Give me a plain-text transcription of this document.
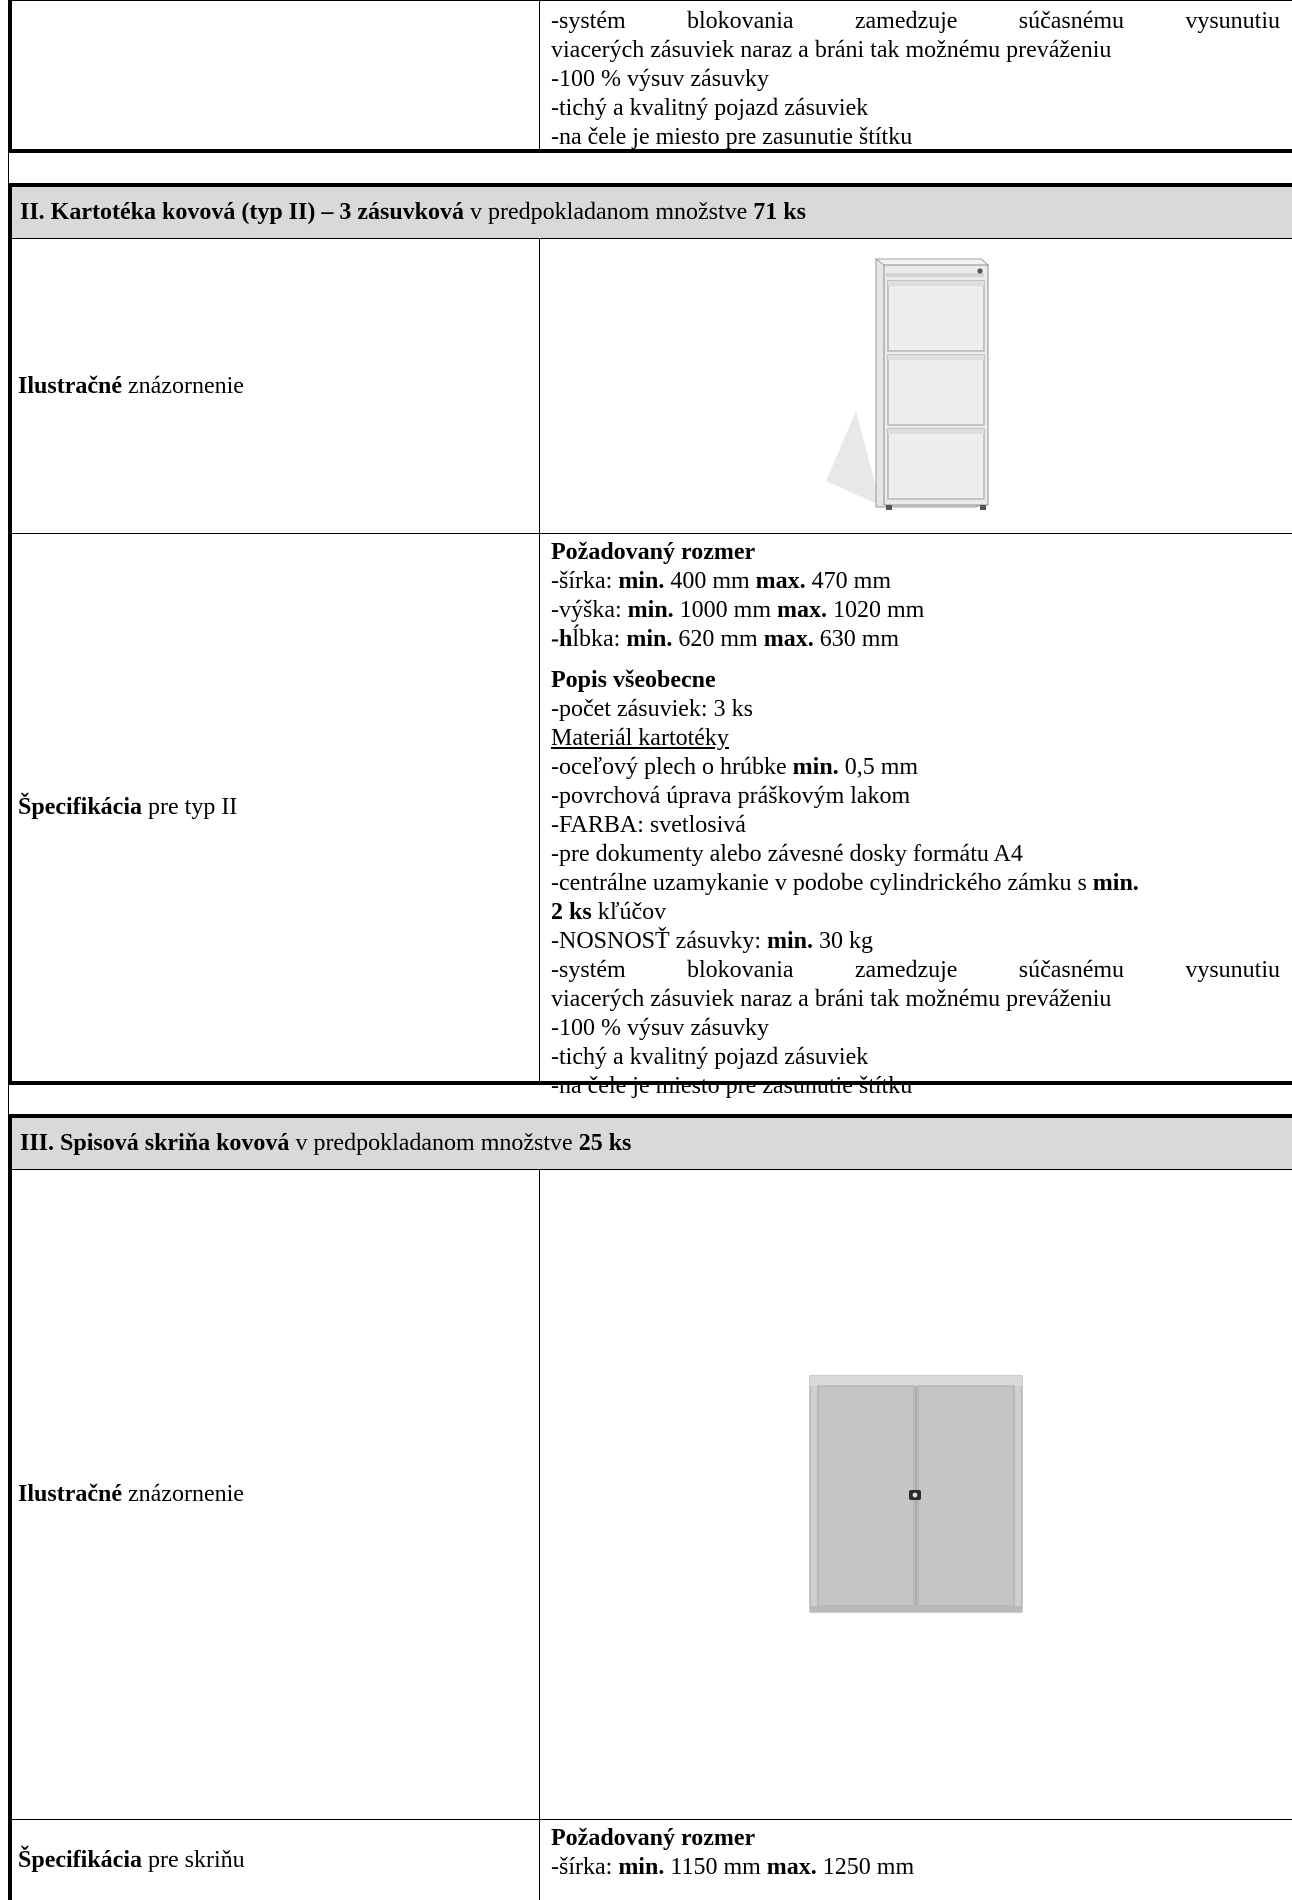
-systém blokovania zamedzuje súčasnému vysunutiu
viacerých zásuviek naraz a bráni tak možnému preváženiu
-100 % výsuv zásuvky
-tichý a kvalitný pojazd zásuviek
-na čele je miesto pre zasunutie štítku
II. Kartotéka kovová (typ II) – 3 zásuvková v predpokladanom množstve 71 ks
Ilustračné znázornenie
Špecifikácia pre typ II
Požadovaný rozmer
-šírka: min. 400 mm max. 470 mm
-výška: min. 1000 mm max. 1020 mm
-hĺbka: min. 620 mm max. 630 mm
Popis všeobecne
-počet zásuviek: 3 ks
Materiál kartotéky
-oceľový plech o hrúbke min. 0,5 mm
-povrchová úprava práškovým lakom
-FARBA: svetlosivá
-pre dokumenty alebo závesné dosky formátu A4
-centrálne uzamykanie v podobe cylindrického zámku s min.
2 ks kľúčov
-NOSNOSŤ zásuvky: min. 30 kg
-systém blokovania zamedzuje súčasnému vysunutiu
viacerých zásuviek naraz a bráni tak možnému preváženiu
-100 % výsuv zásuvky
-tichý a kvalitný pojazd zásuviek
-na čele je miesto pre zasunutie štítku
III. Spisová skriňa kovová v predpokladanom množstve 25 ks
Ilustračné znázornenie
Špecifikácia pre skriňu
Požadovaný rozmer
-šírka: min. 1150 mm max. 1250 mm
